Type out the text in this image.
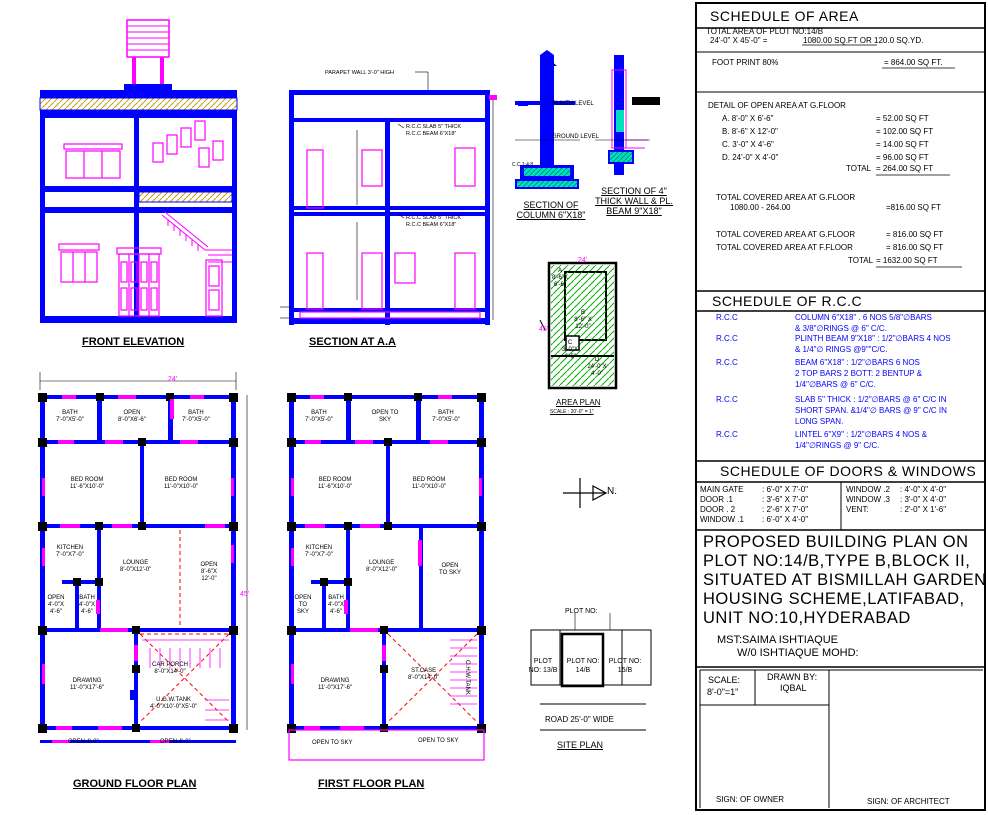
FRONT ELEVATION	SECTION AT A.A
GROUND FLOOR PLAN	FIRST FLOOR PLAN
AREA PLAN
SCALE : 20'-0" = 1"
SITE PLAN
SECTION OF COLUMN 6"X18"
SECTION OF 4" THICK WALL & PL. BEAM 9"X18"
PARAPET WALL 3'-0" HIGH
R.C.C SLAB 5" THICK
R.C.C BEAM 6"X18"
R.C.C SLAB 5" THICK
R.C.C BEAM 6"X18"
PLINTH LEVEL
GROUND LEVEL
C.C 1:4:8
N.
ROAD 25'-0" WIDE
24'
45'
24'
45'
BATH
7'-0"X5'-0"
OPEN
8'-0"X6'-6"
BATH
7'-0"X5'-0"
BED ROOM
11'-6"X10'-0"
BED ROOM
11'-0"X10'-0"
KITCHEN
7'-0"X7'-0"
LOUNGE
8'-0"X12'-0"
OPEN
8'-6"X 12'-0"
OPEN
4'-0"X 4'-6"
BATH
4'-0"X 4'-6"
DRAWING
11'-0"X17'-6"
CAR PORCH
8'-0"X14'-0"
U.G.W.TANK
4'-0"X10'-0"X5'-0"
OPEN 4'-0"	OPEN 4'-0"
BATH
7'-0"X5'-0"
OPEN TO SKY
BATH
7'-0"X5'-0"
BED ROOM
11'-6"X10'-0"
BED ROOM
11'-0"X10'-0"
KITCHEN
7'-0"X7'-0"
LOUNGE
8'-0"X12'-0"
OPEN TO SKY
OPEN TO SKY
BATH
4'-0"X 4'-6"
DRAWING
11'-0"X17'-6"
ST.CASE
8'-0"X14'-0"
OPEN TO SKY	OPEN TO SKY
O.H.W.TANK
A
8'-6"X 6'-6"
B
8'-6" X 12'-0"
C
3'-0"X 4'-6"	D
24'-0"X 4'-0"
PLOT NO:
PLOT NO: 13/B
PLOT NO: 14/B
PLOT NO: 15/B
SCHEDULE OF AREA
TOTAL AREA OF PLOT NO:14/B
24'-0" X 45'-0" =	1080.00 SQ.FT OR 120.0 SQ.YD.
FOOT PRINT 80%	= 864.00 SQ FT.
DETAIL OF OPEN AREA AT G.FLOOR
A. 8'-0" X 6'-6"	= 52.00 SQ FT
B. 8'-6" X 12'-0"	= 102.00 SQ FT
C. 3'-0" X 4'-6"	= 14.00 SQ FT
D. 24'-0" X 4'-0"	= 96.00 SQ FT
TOTAL = 264.00 SQ FT
TOTAL COVERED AREA AT G.FLOOR
1080.00 - 264.00	=816.00 SQ FT
TOTAL COVERED AREA AT G.FLOOR	= 816.00 SQ FT
TOTAL COVERED AREA AT F.FLOOR	= 816.00 SQ FT
TOTAL = 1632.00 SQ FT
SCHEDULE OF R.C.C
R.C.C	COLUMN 6"X18" . 6 NOS 5/8"∅BARS
& 3/8"∅RINGS @ 6" C/C.
R.C.C	PLINTH BEAM 9"X18" : 1/2"∅BARS 4 NOS
& 1/4"∅ RINGS @9""C/C.
R.C.C	BEAM 6"X18" : 1/2"∅BARS 6 NOS
2 TOP BARS 2 BOTT: 2 BENTUP &
1/4"∅BARS @ 6" C/C.
R.C.C	SLAB 5" THICK : 1/2"∅BARS @ 6" C/C IN
SHORT SPAN. &1/4"∅ BARS @ 9" C/C IN
LONG SPAN.
R.C.C	LINTEL 6"X9" : 1/2"∅BARS 4 NOS &
1/4"∅RINGS @ 9" C/C.
SCHEDULE OF DOORS & WINDOWS
MAIN GATE : 6'-0" X 7'-0"
DOOR .1	: 3'-6" X 7'-0"
DOOR . 2	: 2'-6" X 7'-0"
WINDOW .1 : 6'-0" X 4'-0"
WINDOW .2 : 4'-0" X 4'-0"
WINDOW .3 : 3'-0" X 4'-0"
VENT:	: 2'-0" X 1'-6"
PROPOSED BUILDING PLAN ON
PLOT NO:14/B,TYPE B,BLOCK II,
SITUATED AT BISMILLAH GARDEN
HOUSING SCHEME,LATIFABAD,
UNIT NO:10,HYDERABAD
MST:SAIMA ISHTIAQUE
W/0 ISHTIAQUE MOHD:
SCALE:
8'-0"=1"
DRAWN BY:
IQBAL
SIGN: OF OWNER	SIGN: OF ARCHITECT
